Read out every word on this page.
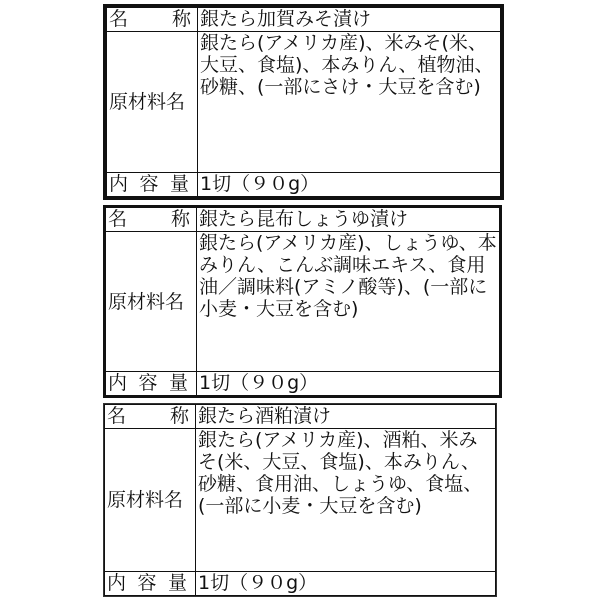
名 称	銀たら加賀みそ漬け
原材料名	銀たら(アメリカ産)、米みそ(米、大豆、食塩)、本みりん、植物油、砂糖、(一部にさけ・大豆を含む)

内 容 量	1切（９０g）
名 称	銀たら昆布しょうゆ漬け
原材料名	銀たら(アメリカ産)、しょうゆ、本みりん、こんぶ調味エキス、食用油／調味料(アミノ酸等)、(一部に小麦・大豆を含む)

内 容 量	1切（９０g）
名 称	銀たら酒粕漬け
原材料名	銀たら(アメリカ産)、酒粕、米みそ(米、大豆、食塩)、本みりん、砂糖、食用油、しょうゆ、食塩、(一部に小麦・大豆を含む)

内 容 量	1切（９０g）
